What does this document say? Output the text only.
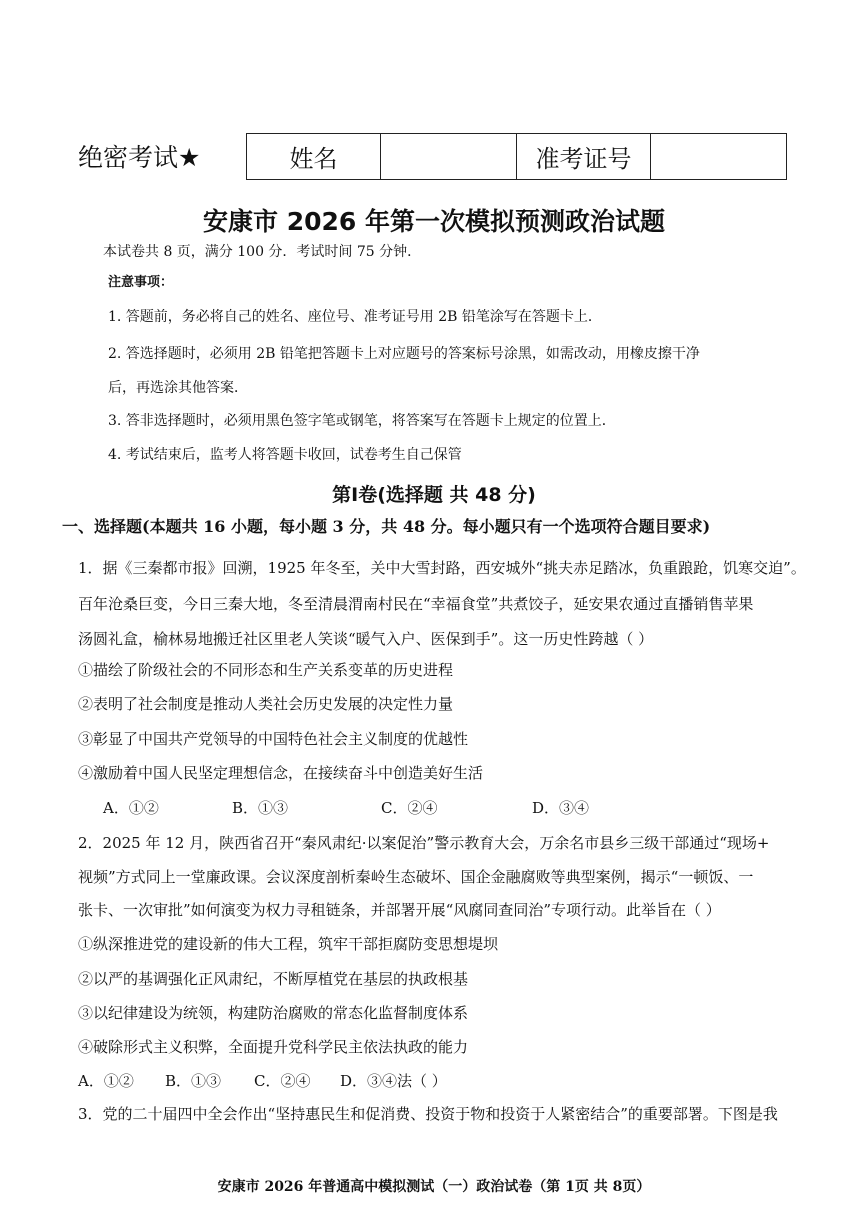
绝密考试★	姓名	准考证号
安康市 2026 年第一次模拟预测政治试题
本试卷共 8 页，满分 100 分．考试时间 75 分钟．
注意事项：
1. 答题前，务必将自己的姓名、座位号、准考证号用 2B 铅笔涂写在答题卡上．
2. 答选择题时，必须用 2B 铅笔把答题卡上对应题号的答案标号涂黑，如需改动，用橡皮擦干净
后，再选涂其他答案．
3. 答非选择题时，必须用黑色签字笔或钢笔，将答案写在答题卡上规定的位置上．
4. 考试结束后，监考人将答题卡收回，试卷考生自己保管
第Ⅰ卷(选择题 共 48 分)
一、选择题(本题共 16 小题，每小题 3 分，共 48 分。每小题只有一个选项符合题目要求)
1．据《三秦都市报》回溯，1925 年冬至，关中大雪封路，西安城外“挑夫赤足踏冰，负重踉跄，饥寒交迫”。
百年沧桑巨变，今日三秦大地，冬至清晨渭南村民在“幸福食堂”共煮饺子，延安果农通过直播销售苹果
汤圆礼盒，榆林易地搬迁社区里老人笑谈“暖气入户、医保到手”。这一历史性跨越（ ）
①描绘了阶级社会的不同形态和生产关系变革的历史进程
②表明了社会制度是推动人类社会历史发展的决定性力量
③彰显了中国共产党领导的中国特色社会主义制度的优越性
④激励着中国人民坚定理想信念，在接续奋斗中创造美好生活
A．①②	B．①③	C．②④	D．③④
2．2025 年 12 月，陕西省召开“秦风肃纪·以案促治”警示教育大会，万余名市县乡三级干部通过“现场+
视频”方式同上一堂廉政课。会议深度剖析秦岭生态破坏、国企金融腐败等典型案例，揭示“一顿饭、一
张卡、一次审批”如何演变为权力寻租链条，并部署开展“风腐同查同治”专项行动。此举旨在（ ）
①纵深推进党的建设新的伟大工程，筑牢干部拒腐防变思想堤坝
②以严的基调强化正风肃纪，不断厚植党在基层的执政根基
③以纪律建设为统领，构建防治腐败的常态化监督制度体系
④破除形式主义积弊，全面提升党科学民主依法执政的能力
A．①② B．①③ C．②④ D．③④法（ ）
3．党的二十届四中全会作出“坚持惠民生和促消费、投资于物和投资于人紧密结合”的重要部署。下图是我
安康市 2026 年普通高中模拟测试（一）政治试卷（第 1页 共 8页）
